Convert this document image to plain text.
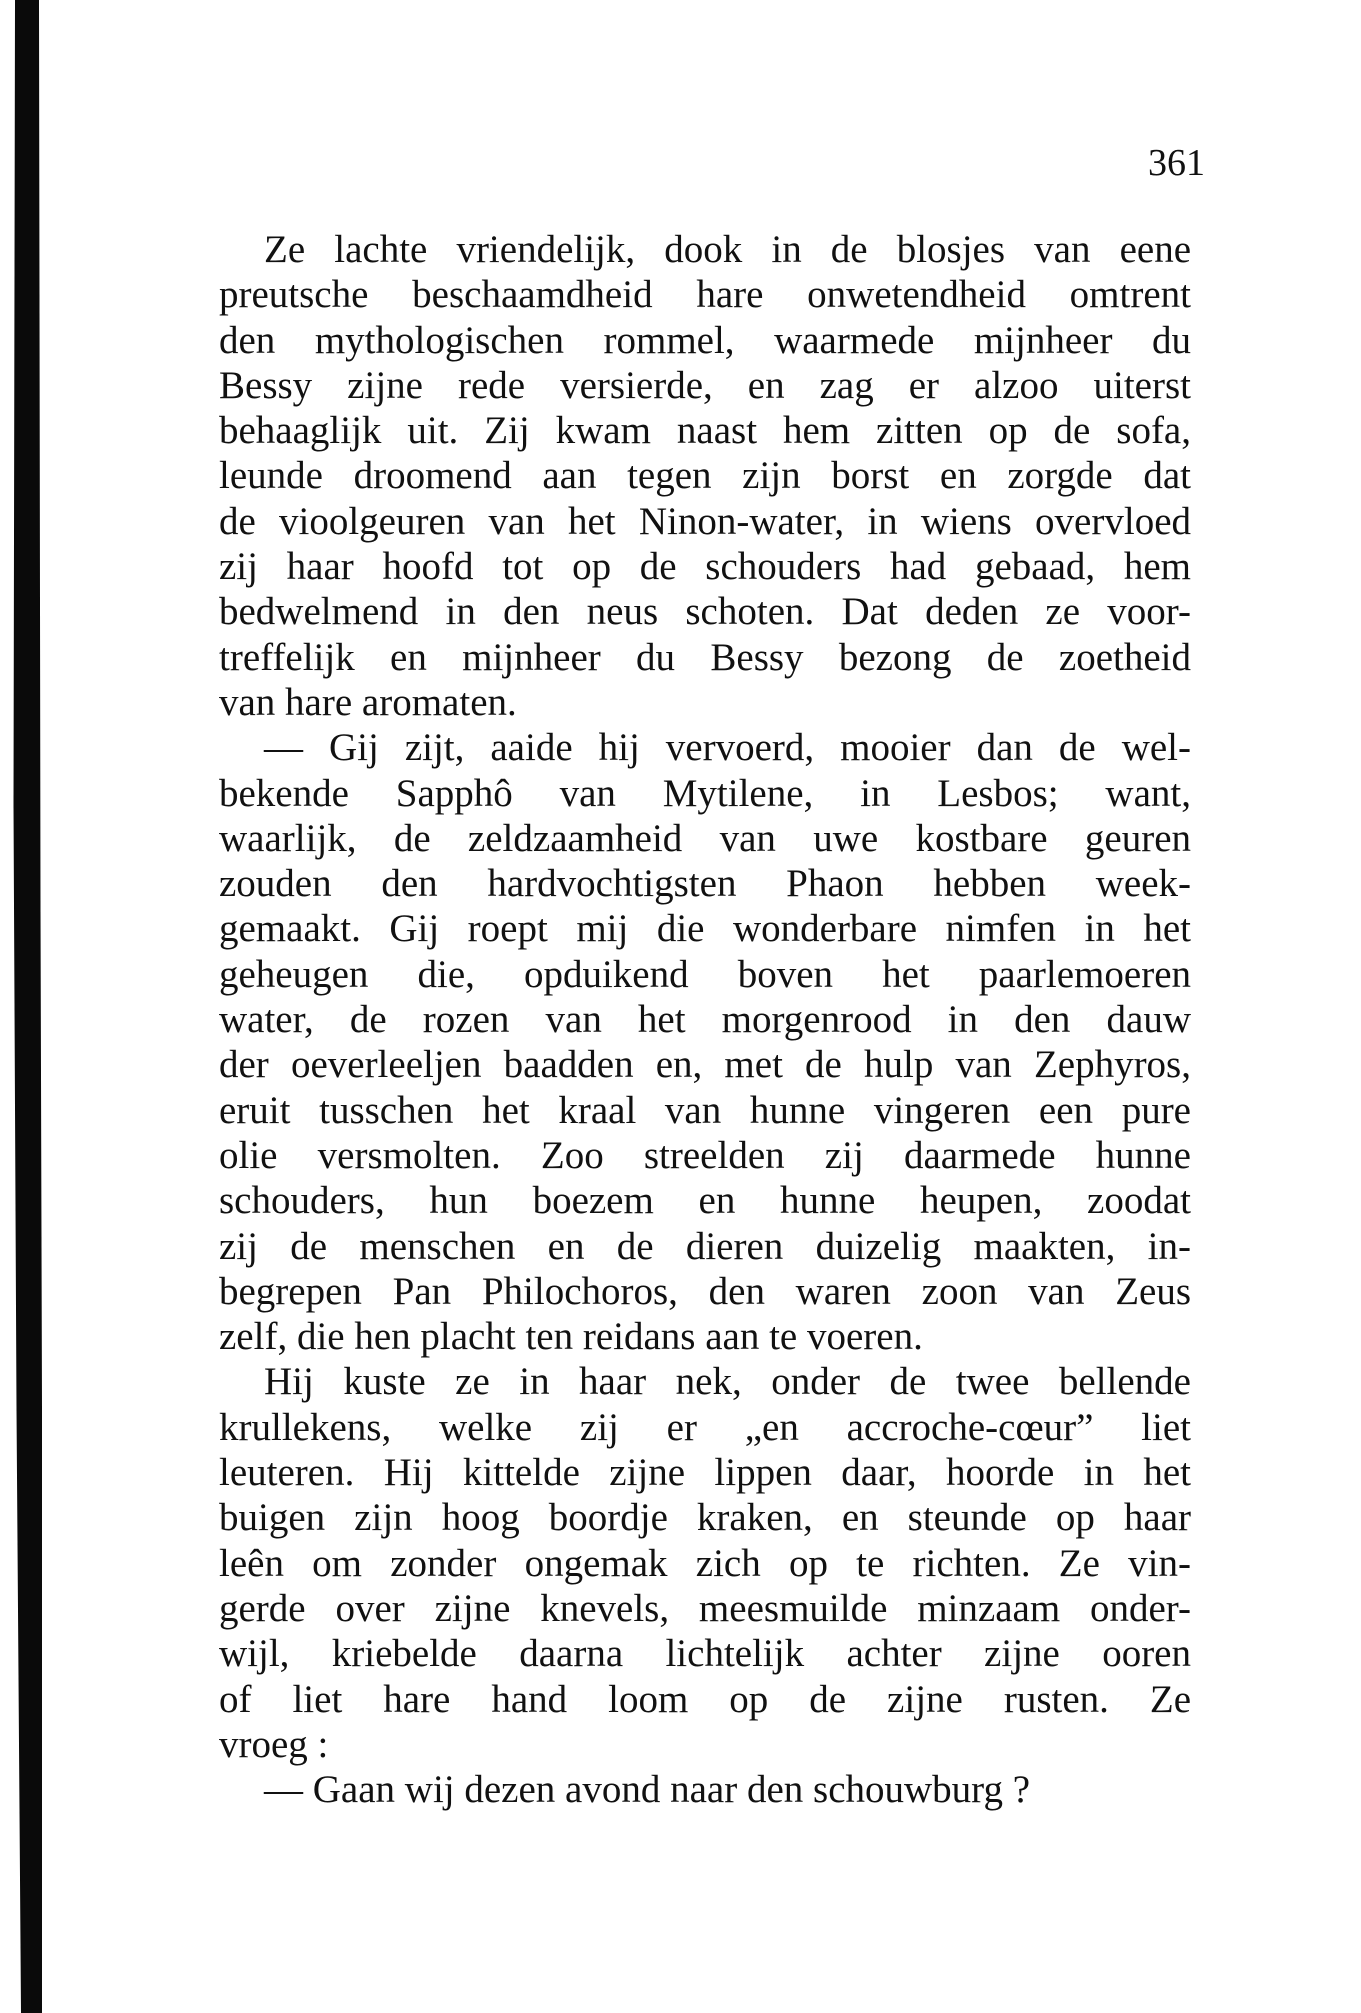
361
Ze lachte vriendelijk, dook in de blosjes van eene
preutsche beschaamdheid hare onwetendheid omtrent
den mythologischen rommel, waarmede mijnheer du
Bessy zijne rede versierde, en zag er alzoo uiterst
behaaglijk uit. Zij kwam naast hem zitten op de sofa,
leunde droomend aan tegen zijn borst en zorgde dat
de vioolgeuren van het Ninon-water, in wiens overvloed
zij haar hoofd tot op de schouders had gebaad, hem
bedwelmend in den neus schoten. Dat deden ze voor-
treffelijk en mijnheer du Bessy bezong de zoetheid
van hare aromaten.
— Gij zijt, aaide hij vervoerd, mooier dan de wel-
bekende Sapphô van Mytilene, in Lesbos; want,
waarlijk, de zeldzaamheid van uwe kostbare geuren
zouden den hardvochtigsten Phaon hebben week-
gemaakt. Gij roept mij die wonderbare nimfen in het
geheugen die, opduikend boven het paarlemoeren
water, de rozen van het morgenrood in den dauw
der oeverleeljen baadden en, met de hulp van Zephyros,
eruit tusschen het kraal van hunne vingeren een pure
olie versmolten. Zoo streelden zij daarmede hunne
schouders, hun boezem en hunne heupen, zoodat
zij de menschen en de dieren duizelig maakten, in-
begrepen Pan Philochoros, den waren zoon van Zeus
zelf, die hen placht ten reidans aan te voeren.
Hij kuste ze in haar nek, onder de twee bellende
krullekens, welke zij er „en accroche-cœur” liet
leuteren. Hij kittelde zijne lippen daar, hoorde in het
buigen zijn hoog boordje kraken, en steunde op haar
leên om zonder ongemak zich op te richten. Ze vin-
gerde over zijne knevels, meesmuilde minzaam onder-
wijl, kriebelde daarna lichtelijk achter zijne ooren
of liet hare hand loom op de zijne rusten. Ze
vroeg :
— Gaan wij dezen avond naar den schouwburg ?
